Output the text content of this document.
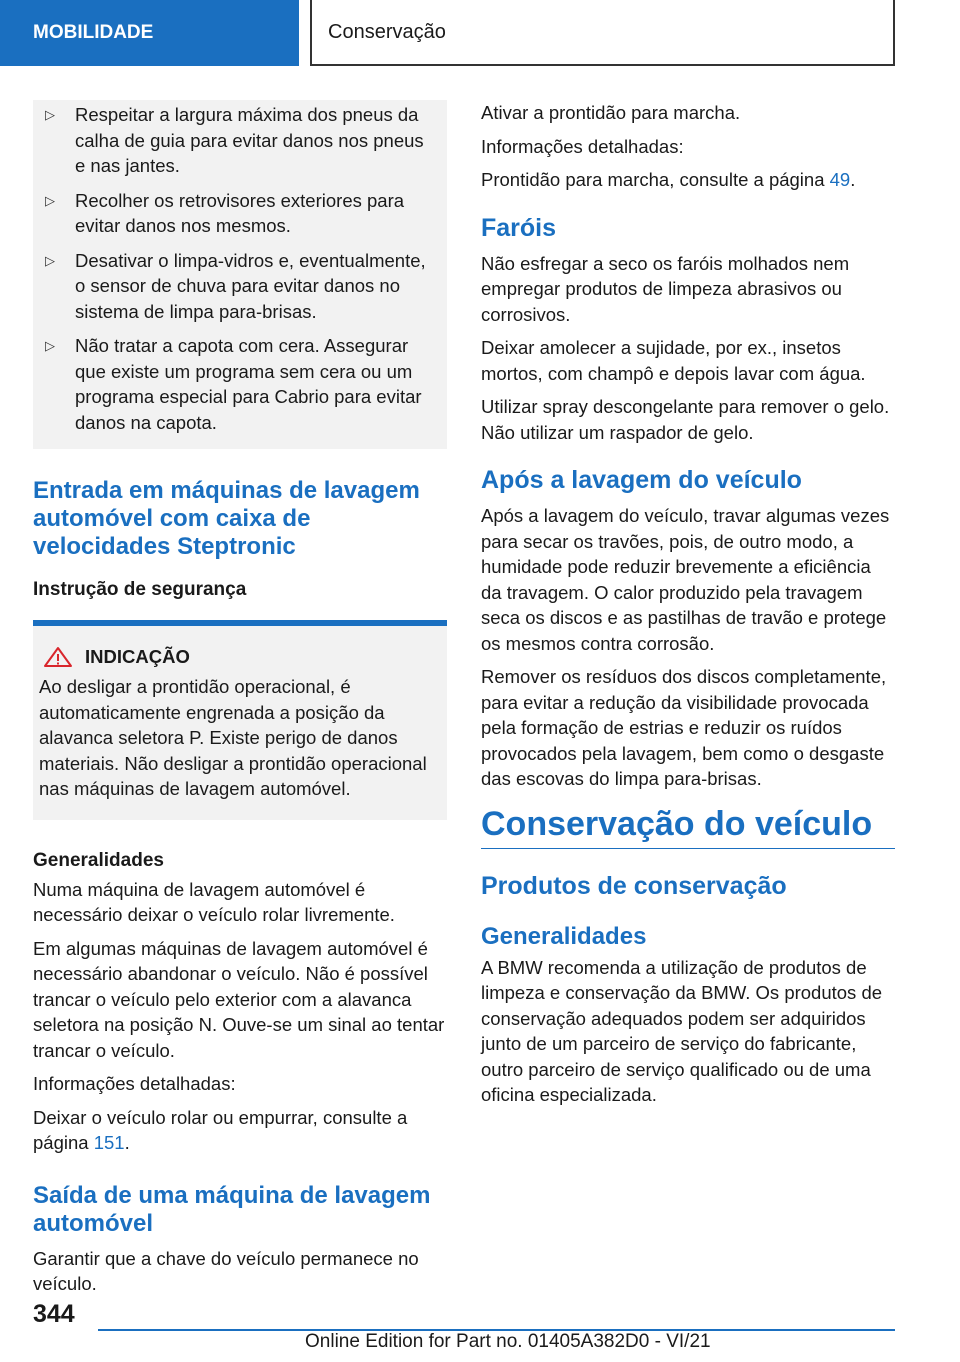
MOBILIDADE	Conservação
▷	Respeitar a largura máxima dos pneus da calha de guia para evitar danos nos pneus e nas jantes.
▷	Recolher os retrovisores exteriores para evitar danos nos mesmos.
▷	Desativar o limpa-vidros e, eventualmente, o sensor de chuva para evitar danos no sistema de limpa para-brisas.
▷	Não tratar a capota com cera. Assegurar que existe um programa sem cera ou um programa especial para Cabrio para evitar danos na capota.
Entrada em máquinas de lavagem automóvel com caixa de velocidades Steptronic
Instrução de segurança
INDICAÇÃO

Ao desligar a prontidão operacional, é automaticamente engrenada a posição da alavanca seletora P. Existe perigo de danos materiais. Não desligar a prontidão operacional nas máquinas de lavagem automóvel.

Generalidades

Numa máquina de lavagem automóvel é necessário deixar o veículo rolar livremente.

Em algumas máquinas de lavagem automóvel é necessário abandonar o veículo. Não é possível trancar o veículo pelo exterior com a alavanca seletora na posição N. Ouve-se um sinal ao tentar trancar o veículo.

Informações detalhadas:

Deixar o veículo rolar ou empurrar, consulte a página 151.

Saída de uma máquina de lavagem automóvel

Garantir que a chave do veículo permanece no veículo.

Ativar a prontidão para marcha.

Informações detalhadas:

Prontidão para marcha, consulte a página 49.

Faróis

Não esfregar a seco os faróis molhados nem empregar produtos de limpeza abrasivos ou corrosivos.

Deixar amolecer a sujidade, por ex., insetos mortos, com champô e depois lavar com água.

Utilizar spray descongelante para remover o gelo. Não utilizar um raspador de gelo.

Após a lavagem do veículo

Após a lavagem do veículo, travar algumas vezes para secar os travões, pois, de outro modo, a humidade pode reduzir brevemente a eficiência da travagem. O calor produzido pela travagem seca os discos e as pastilhas de travão e protege os mesmos contra corrosão.

Remover os resíduos dos discos completamente, para evitar a redução da visibilidade provocada pela formação de estrias e reduzir os ruídos provocados pela lavagem, bem como o desgaste das escovas do limpa para-brisas.

Conservação do veículo
Produtos de conservação
Generalidades

A BMW recomenda a utilização de produtos de limpeza e conservação da BMW. Os produtos de conservação adequados podem ser adquiridos junto de um parceiro de serviço do fabricante, outro parceiro de serviço qualificado ou de uma oficina especializada.

344
Online Edition for Part no. 01405A382D0 - VI/21
